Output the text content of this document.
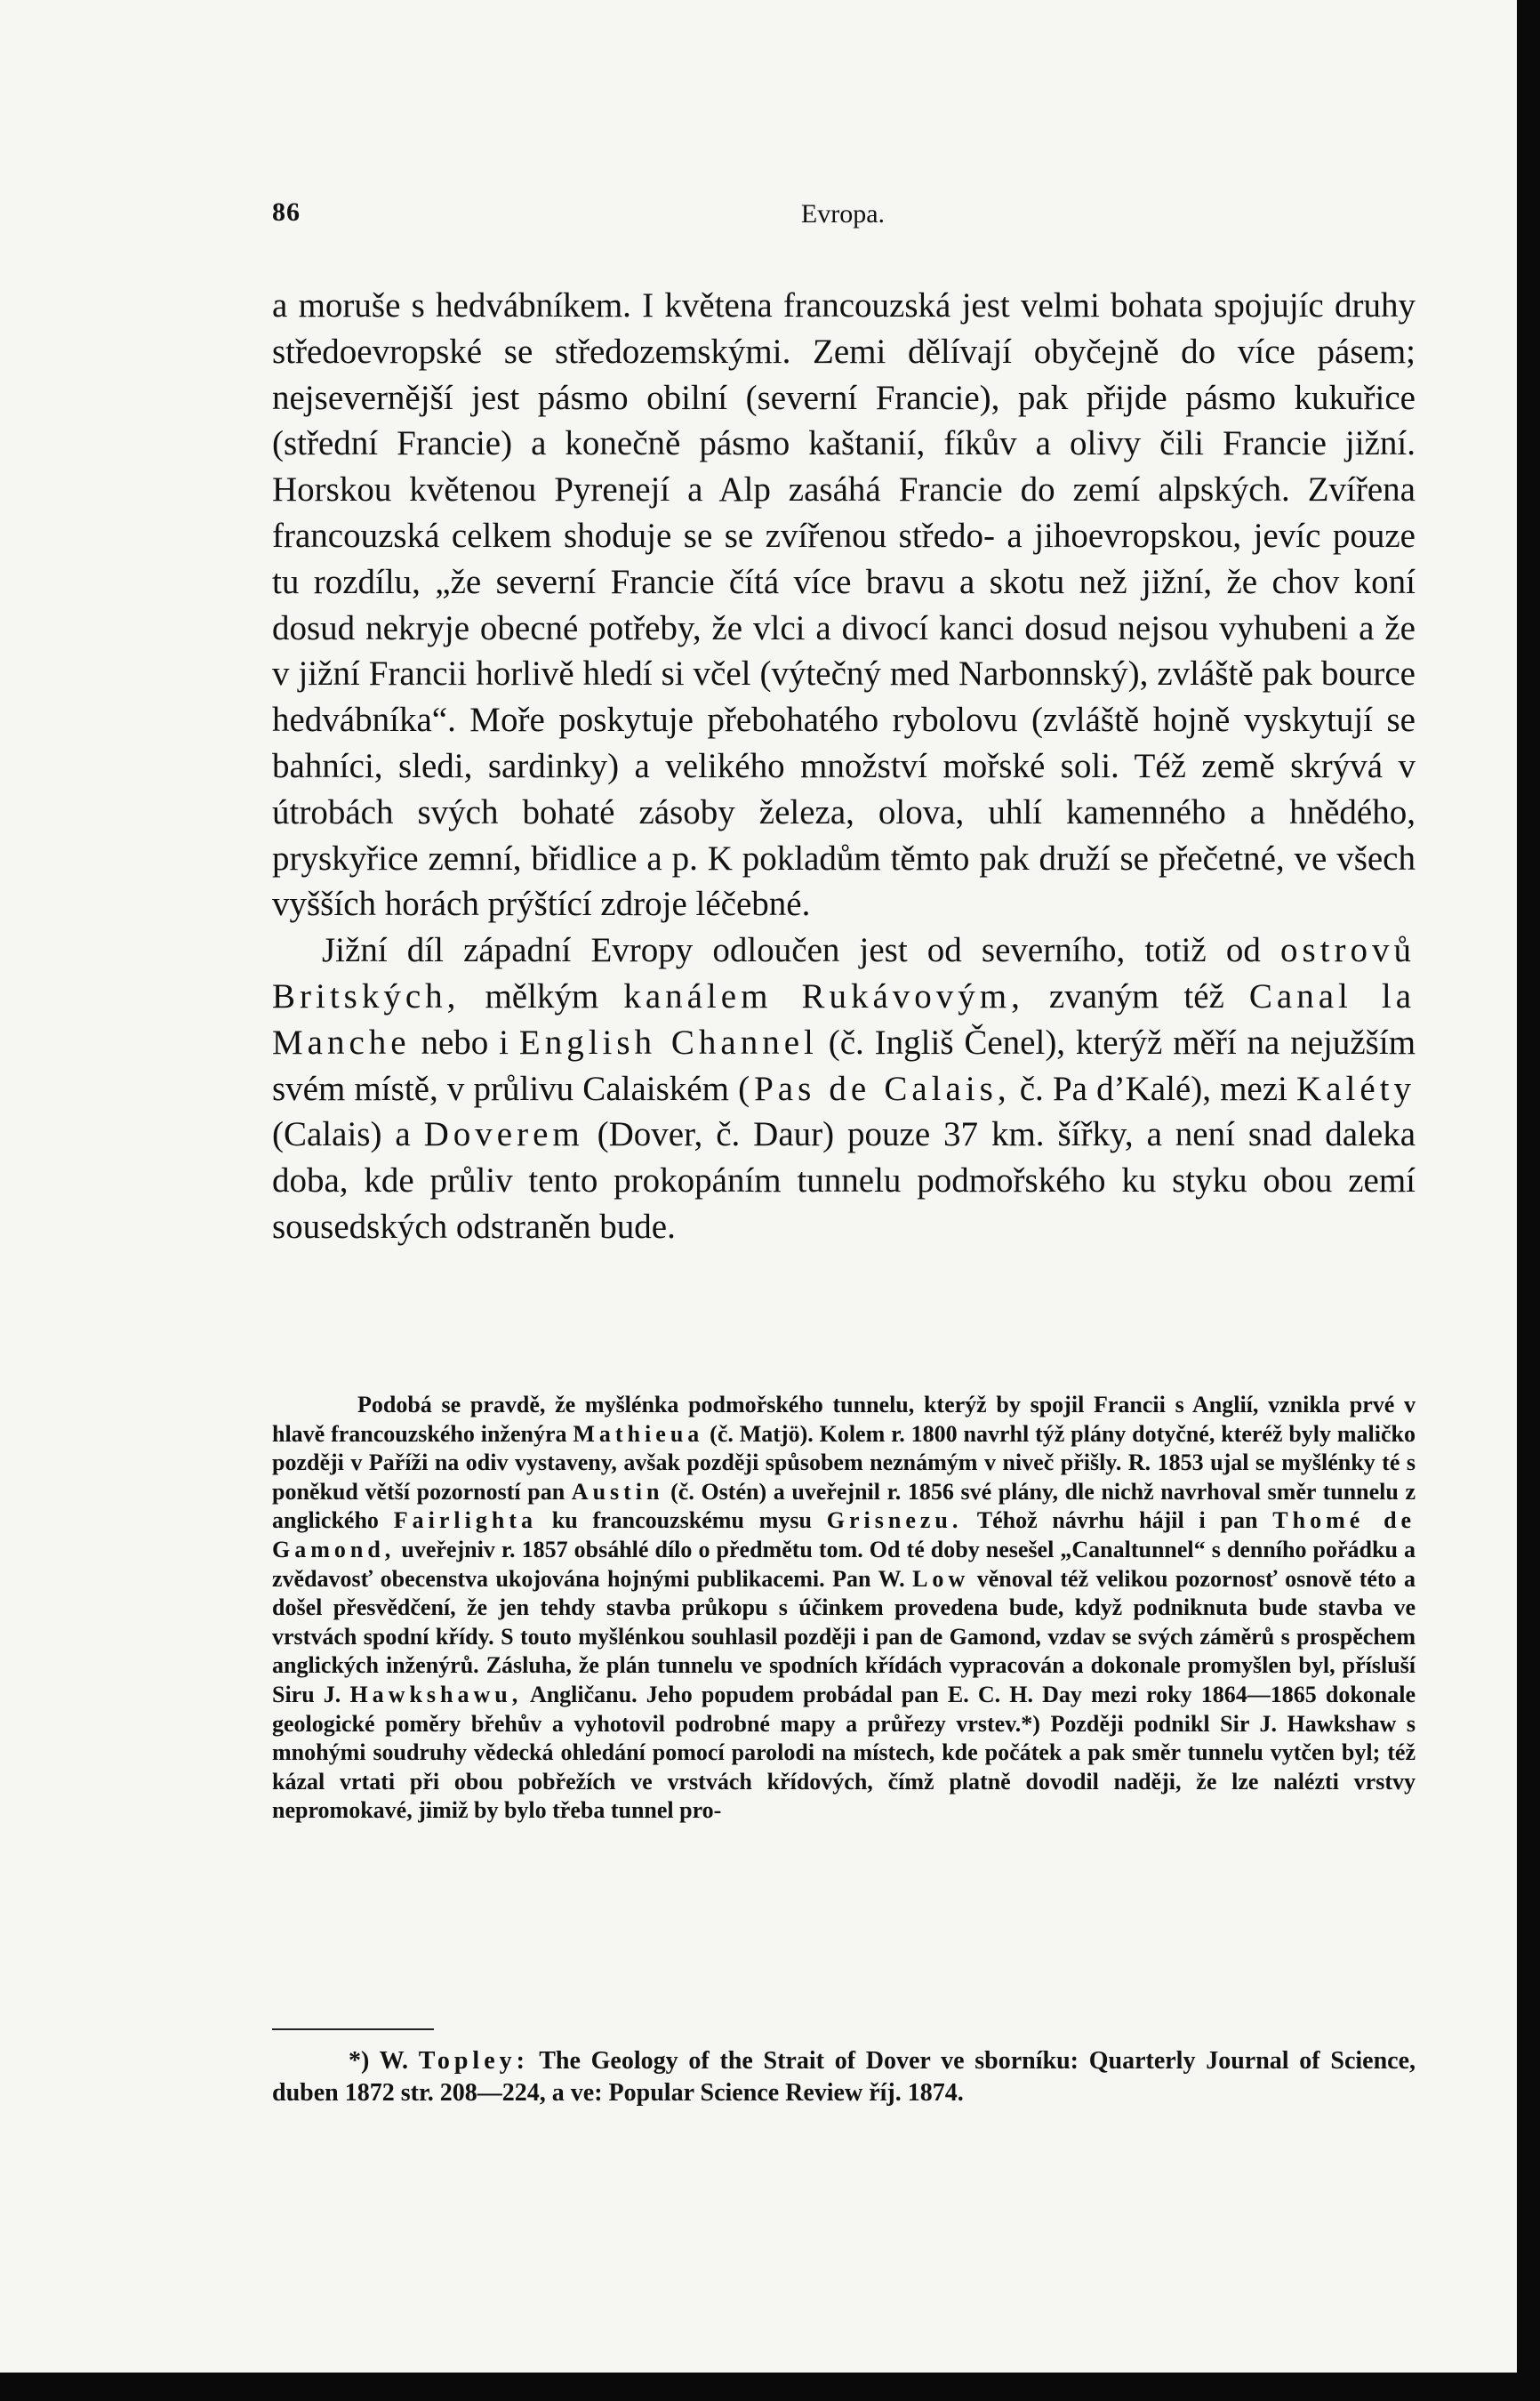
86	Evropa.

a moruše s hedvábníkem. I květena francouzská jest velmi bohata spojujíc druhy středoevropské se středozemskými. Zemi dělívají obyčejně do více pásem; nejsevernější jest pásmo obilní (severní Francie), pak přijde pásmo kukuřice (střední Francie) a konečně pásmo kaštanií, fíkův a olivy čili Francie jižní. Horskou květenou Pyrenejí a Alp zasáhá Francie do zemí alpských. Zvířena francouzská celkem shoduje se se zvířenou středo- a jihoevropskou, jevíc pouze tu rozdílu, „že severní Francie čítá více bravu a skotu než jižní, že chov koní dosud nekryje obecné potřeby, že vlci a divocí kanci dosud nejsou vyhubeni a že v jižní Francii horlivě hledí si včel (výtečný med Narbonnský), zvláště pak bource hedvábníka“. Moře poskytuje přebohatého rybolovu (zvláště hojně vyskytují se bahníci, sledi, sardinky) a velikého množství mořské soli. Též země skrývá v útrobách svých bohaté zásoby železa, olova, uhlí kamenného a hnědého, pryskyřice zemní, břidlice a p. K pokladům těmto pak druží se přečetné, ve všech vyšších horách prýštící zdroje léčebné.

Jižní díl západní Evropy odloučen jest od severního, totiž od ostrovů Britských, mělkým kanálem Rukávovým, zvaným též Canal la Manche nebo i English Channel (č. Ingliš Čenel), kterýž měří na nejužším svém místě, v průlivu Calaiském (Pas de Calais, č. Pa d’Kalé), mezi Kaléty (Calais) a Doverem (Dover, č. Daur) pouze 37 km. šířky, a není snad daleka doba, kde průliv tento prokopáním tunnelu podmořského ku styku obou zemí sousedských odstraněn bude.

Podobá se pravdě, že myšlénka podmořského tunnelu, kterýž by spojil Francii s Anglií, vznikla prvé v hlavě francouzského inženýra Mathieua (č. Matjö). Kolem r. 1800 navrhl týž plány dotyčné, kteréž byly maličko později v Paříži na odiv vystaveny, avšak později spůsobem neznámým v niveč přišly. R. 1853 ujal se myšlénky té s poněkud větší pozorností pan Austin (č. Ostén) a uveřejnil r. 1856 své plány, dle nichž navrhoval směr tunnelu z anglického Fairlighta ku francouzskému mysu Grisnezu. Téhož návrhu hájil i pan Thomé de Gamond, uveřejniv r. 1857 obsáhlé dílo o předmětu tom. Od té doby nesešel „Canaltunnel“ s denního pořádku a zvědavosť obecenstva ukojována hojnými publikacemi. Pan W. Low věnoval též velikou pozornosť osnově této a došel přesvědčení, že jen tehdy stavba průkopu s účinkem provedena bude, když podniknuta bude stavba ve vrstvách spodní křídy. S touto myšlénkou souhlasil později i pan de Gamond, vzdav se svých záměrů s prospěchem anglických inženýrů. Zásluha, že plán tunnelu ve spodních křídách vypracován a dokonale promyšlen byl, přísluší Siru J. Hawkshawu, Angličanu. Jeho popudem probádal pan E. C. H. Day mezi roky 1864—1865 dokonale geologické poměry břehův a vyhotovil podrobné mapy a průřezy vrstev.*) Později podnikl Sir J. Hawkshaw s mnohými soudruhy vědecká ohledání pomocí parolodi na místech, kde počátek a pak směr tunnelu vytčen byl; též kázal vrtati při obou pobřežích ve vrstvách křídových, čímž platně dovodil naději, že lze nalézti vrstvy nepromokavé, jimiž by bylo třeba tunnel pro-

*) W. Topley: The Geology of the Strait of Dover ve sborníku: Quarterly Journal of Science, duben 1872 str. 208—224, a ve: Popular Science Review říj. 1874.
